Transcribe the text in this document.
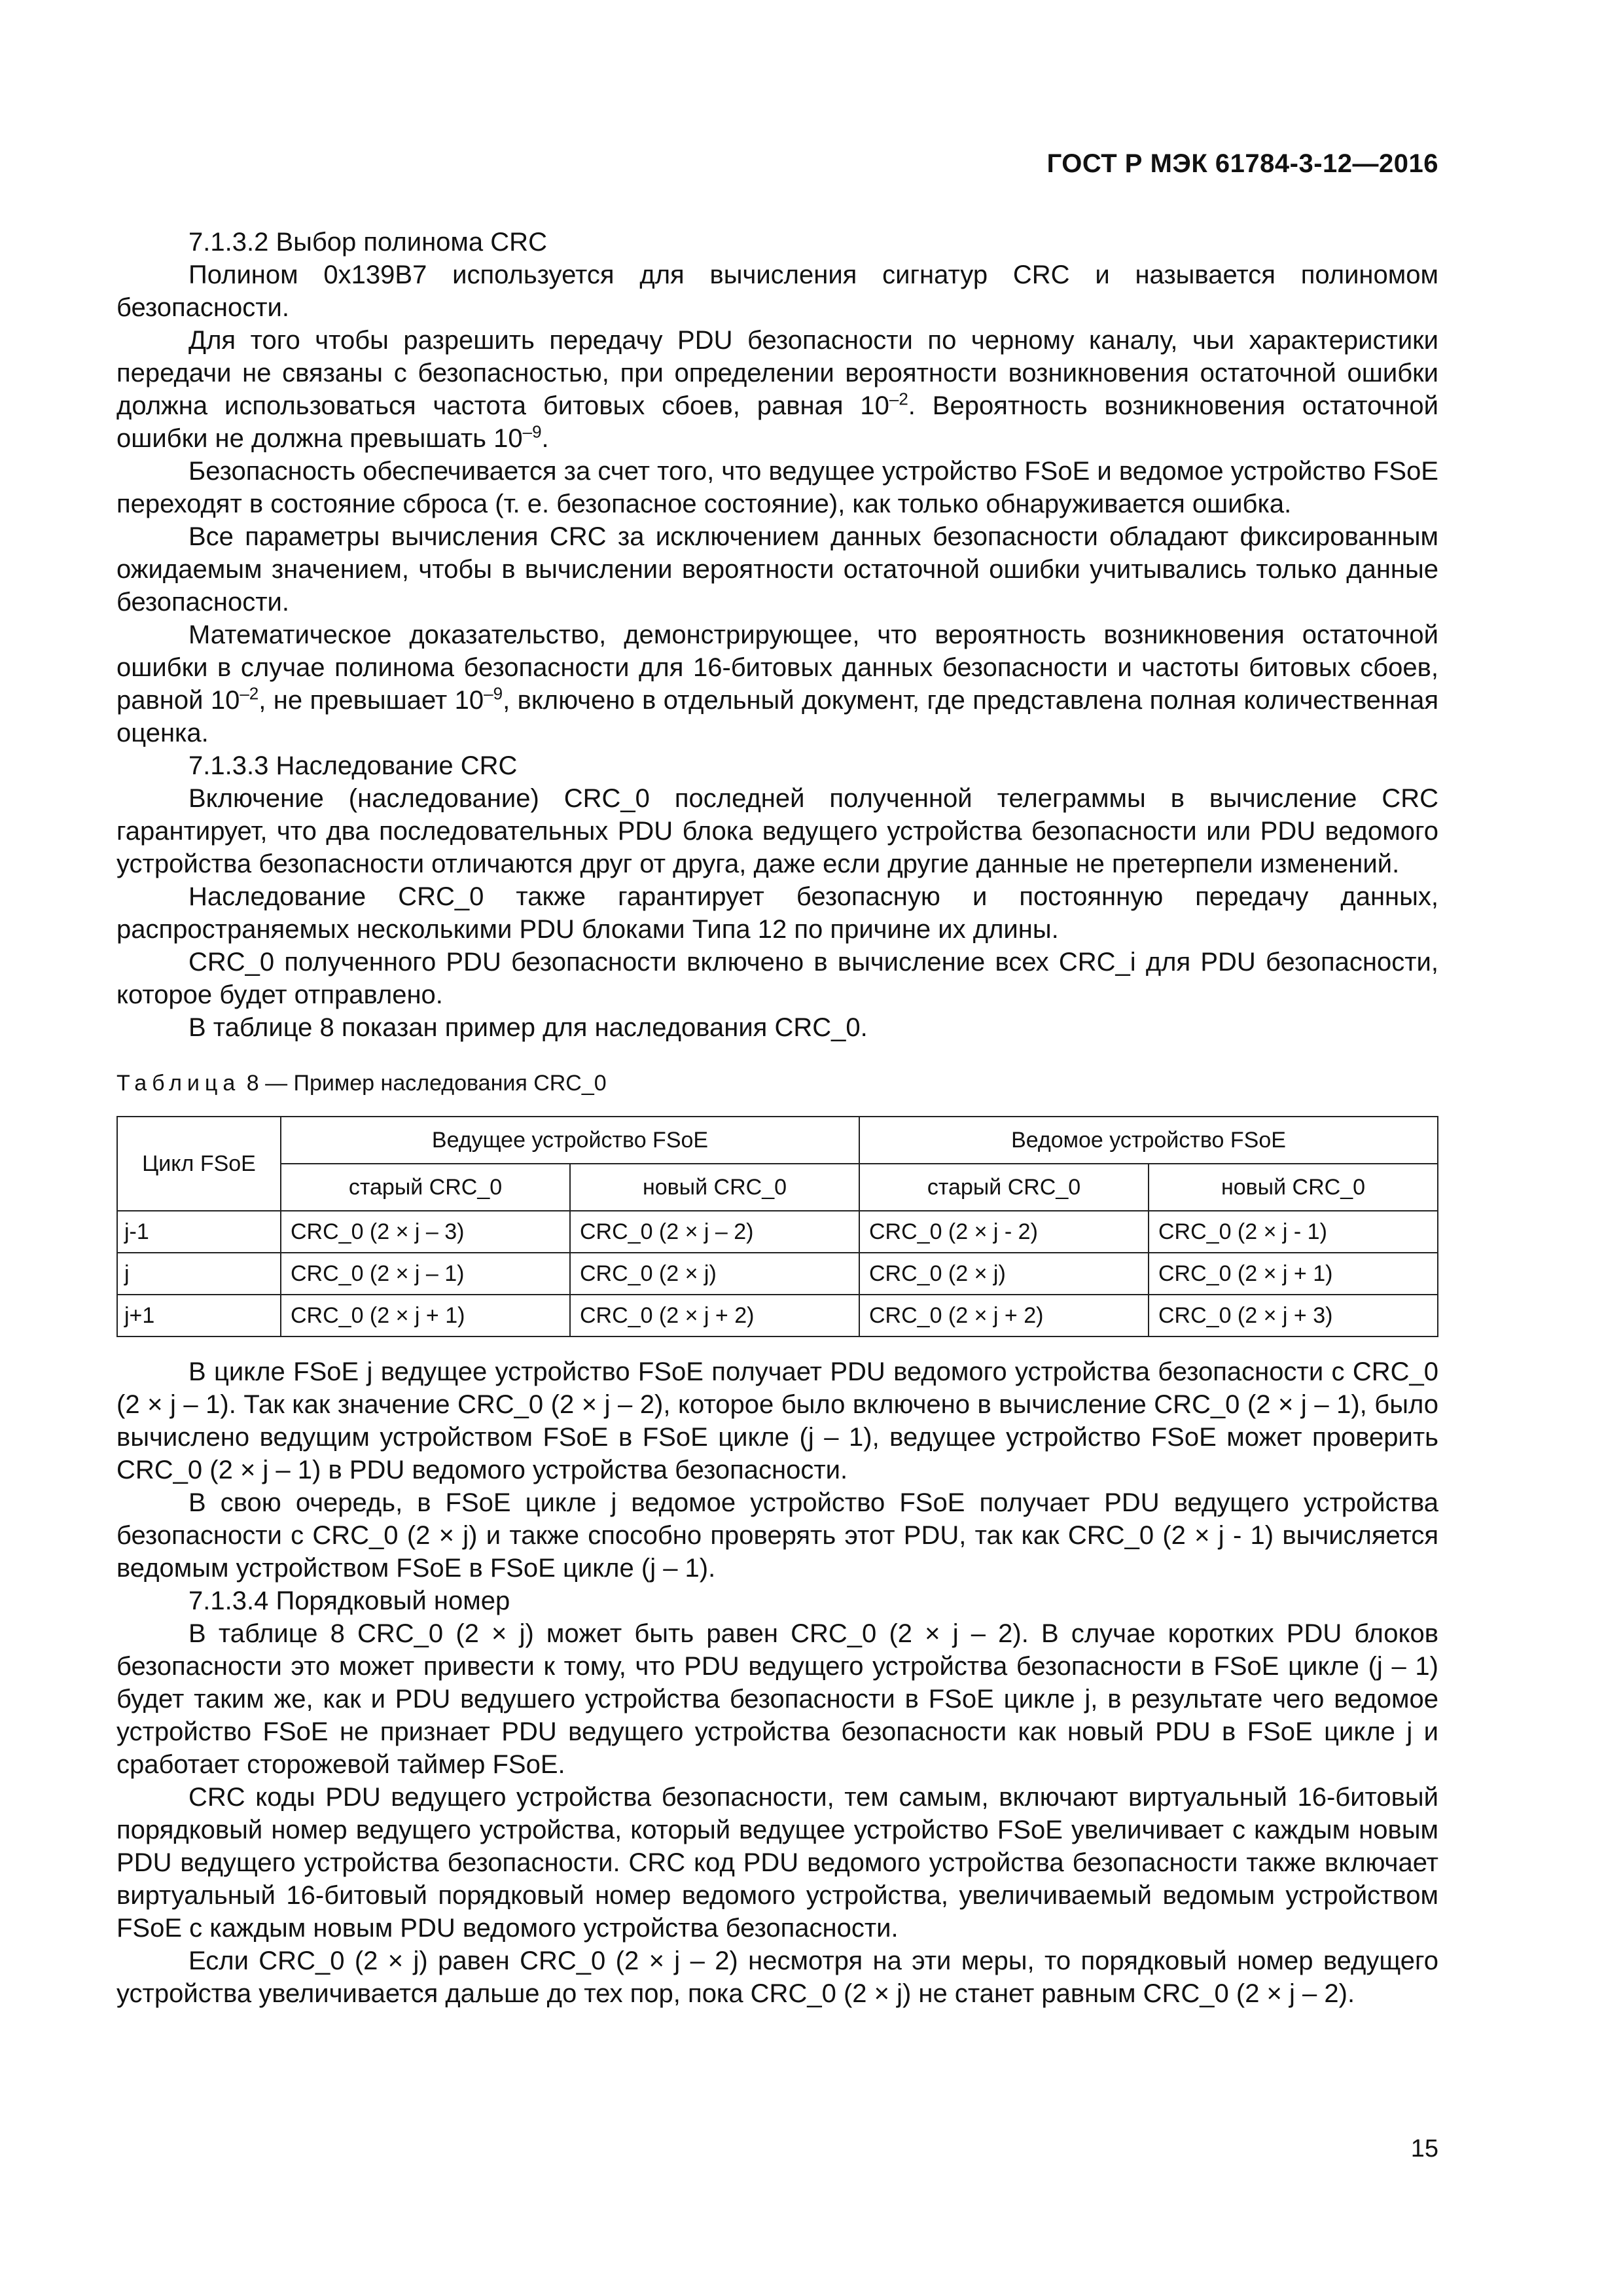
ГОСТ Р МЭК 61784-3-12—2016

7.1.3.2 Выбор полинома CRC

Полином 0x139B7 используется для вычисления сигнатур CRC и называется полиномом безопасности.

Для того чтобы разрешить передачу PDU безопасности по черному каналу, чьи характеристики передачи не связаны с безопасностью, при определении вероятности возникновения остаточной ошибки должна использоваться частота битовых сбоев, равная $10^{-2}$. Вероятность возникновения остаточной ошибки не должна превышать $10^{-9}$.

Безопасность обеспечивается за счет того, что ведущее устройство FSoE и ведомое устройство FSoE переходят в состояние сброса (т. е. безопасное состояние), как только обнаруживается ошибка.

Все параметры вычисления CRC за исключением данных безопасности обладают фиксированным ожидаемым значением, чтобы в вычислении вероятности остаточной ошибки учитывались только данные безопасности.

Математическое доказательство, демонстрирующее, что вероятность возникновения остаточной ошибки в случае полинома безопасности для 16-битовых данных безопасности и частоты битовых сбоев, равной $10^{-2}$, не превышает $10^{-9}$, включено в отдельный документ, где представлена полная количественная оценка.

7.1.3.3 Наследование CRC

Включение (наследование) CRC_0 последней полученной телеграммы в вычисление CRC гарантирует, что два последовательных PDU блока ведущего устройства безопасности или PDU ведомого устройства безопасности отличаются друг от друга, даже если другие данные не претерпели изменений.

Наследование CRC_0 также гарантирует безопасную и постоянную передачу данных, распространяемых несколькими PDU блоками Типа 12 по причине их длины.

CRC_0 полученного PDU безопасности включено в вычисление всех CRC_i для PDU безопасности, которое будет отправлено.

В таблице 8 показан пример для наследования CRC_0.

Таблица 8 — Пример наследования CRC_0
Цикл FSoE	Ведущее устройство FSoE		Ведомое устройство FSoE	
	старый CRC_0	новый CRC_0	старый CRC_0	новый CRC_0
j-1	CRC_0 (2 × j – 3)	CRC_0 (2 × j – 2)	CRC_0 (2 × j - 2)	CRC_0 (2 × j - 1)
j	CRC_0 (2 × j – 1)	CRC_0 (2 × j)	CRC_0 (2 × j)	CRC_0 (2 × j + 1)
j+1	CRC_0 (2 × j + 1)	CRC_0 (2 × j + 2)	CRC_0 (2 × j + 2)	CRC_0 (2 × j + 3)

В цикле FSoE j ведущее устройство FSoE получает PDU ведомого устройства безопасности с CRC_0 (2 × j – 1). Так как значение CRC_0 (2 × j – 2), которое было включено в вычисление CRC_0 (2 × j – 1), было вычислено ведущим устройством FSoE в FSoE цикле (j – 1), ведущее устройство FSoE может проверить CRC_0 (2 × j – 1) в PDU ведомого устройства безопасности.

В свою очередь, в FSoE цикле j ведомое устройство FSoE получает PDU ведущего устройства безопасности с CRC_0 (2 × j) и также способно проверять этот PDU, так как CRC_0 (2 × j - 1) вычисляется ведомым устройством FSoE в FSoE цикле (j – 1).

7.1.3.4 Порядковый номер

В таблице 8 CRC_0 (2 × j) может быть равен CRC_0 (2 × j – 2). В случае коротких PDU блоков безопасности это может привести к тому, что PDU ведущего устройства безопасности в FSoE цикле (j – 1) будет таким же, как и PDU ведушего устройства безопасности в FSoE цикле j, в результате чего ведомое устройство FSoE не признает PDU ведущего устройства безопасности как новый PDU в FSoE цикле j и сработает сторожевой таймер FSoE.

CRC коды PDU ведущего устройства безопасности, тем самым, включают виртуальный 16-битовый порядковый номер ведущего устройства, который ведущее устройство FSoE увеличивает с каждым новым PDU ведущего устройства безопасности. CRC код PDU ведомого устройства безопасности также включает виртуальный 16-битовый порядковый номер ведомого устройства, увеличиваемый ведомым устройством FSoE с каждым новым PDU ведомого устройства безопасности.

Если CRC_0 (2 × j) равен CRC_0 (2 × j – 2) несмотря на эти меры, то порядковый номер ведущего устройства увеличивается дальше до тех пор, пока CRC_0 (2 × j) не станет равным CRC_0 (2 × j – 2).

15
